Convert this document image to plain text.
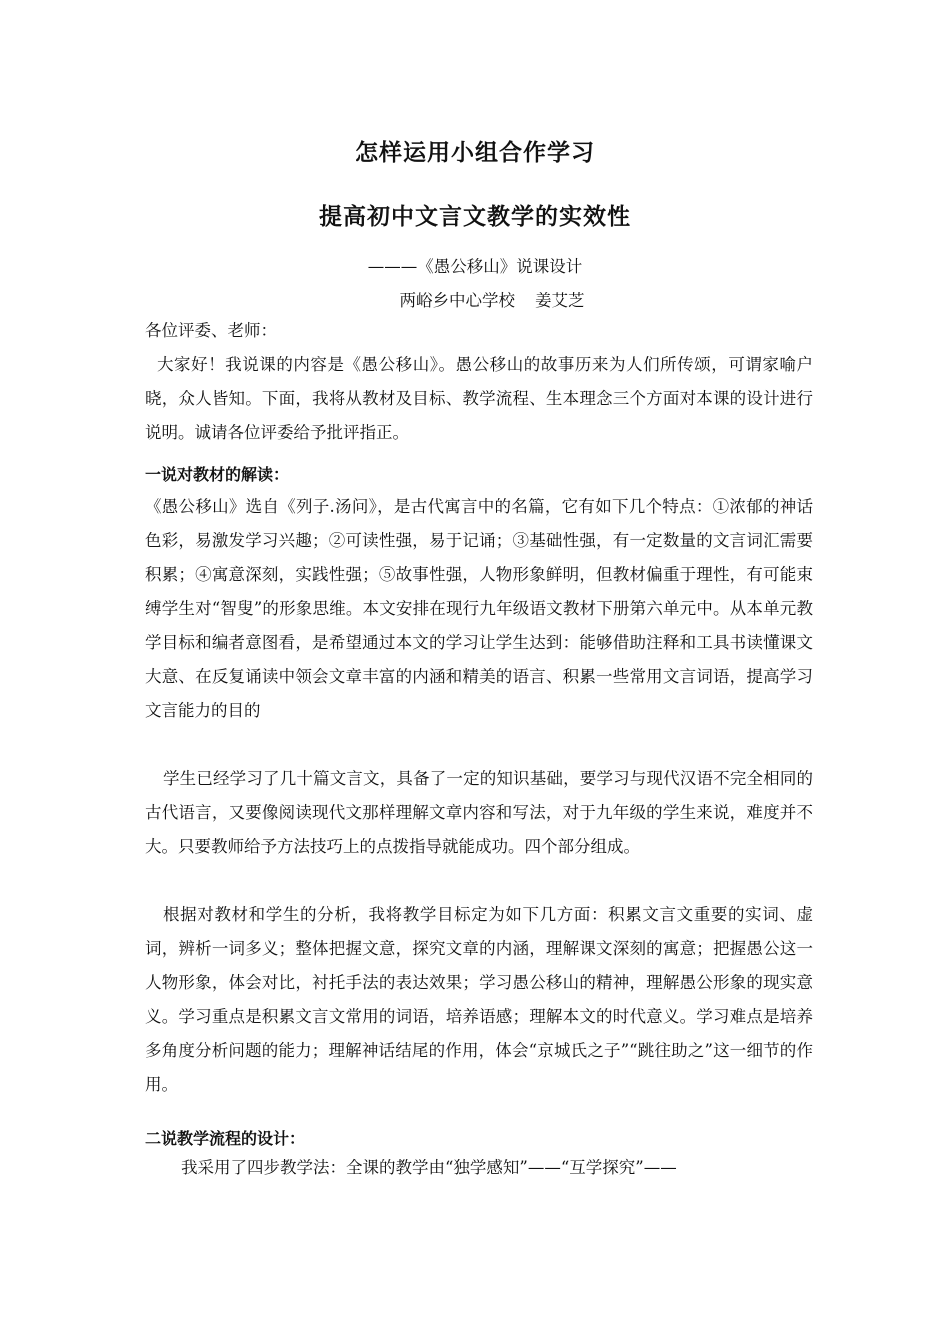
怎样运用小组合作学习
提高初中文言文教学的实效性

———《愚公移山》说课设计

两峪乡中心学校 姜艾芝

各位评委、老师：

大家好！我说课的内容是《愚公移山》。愚公移山的故事历来为人们所传颂，可谓家喻户晓，众人皆知。下面，我将从教材及目标、教学流程、生本理念三个方面对本课的设计进行说明。诚请各位评委给予批评指正。

一说对教材的解读：

《愚公移山》选自《列子.汤问》，是古代寓言中的名篇，它有如下几个特点：①浓郁的神话色彩，易激发学习兴趣；②可读性强，易于记诵；③基础性强，有一定数量的文言词汇需要积累；④寓意深刻，实践性强；⑤故事性强，人物形象鲜明，但教材偏重于理性，有可能束缚学生对“智叟”的形象思维。本文安排在现行九年级语文教材下册第六单元中。从本单元教学目标和编者意图看，是希望通过本文的学习让学生达到：能够借助注释和工具书读懂课文大意、在反复诵读中领会文章丰富的内涵和精美的语言、积累一些常用文言词语，提高学习文言能力的目的

学生已经学习了几十篇文言文，具备了一定的知识基础，要学习与现代汉语不完全相同的古代语言，又要像阅读现代文那样理解文章内容和写法，对于九年级的学生来说，难度并不大。只要教师给予方法技巧上的点拨指导就能成功。四个部分组成。

根据对教材和学生的分析，我将教学目标定为如下几方面：积累文言文重要的实词、虚词，辨析一词多义；整体把握文意，探究文章的内涵，理解课文深刻的寓意；把握愚公这一人物形象，体会对比，衬托手法的表达效果；学习愚公移山的精神，理解愚公形象的现实意义。学习重点是积累文言文常用的词语，培养语感；理解本文的时代意义。学习难点是培养多角度分析问题的能力；理解神话结尾的作用，体会“京城氏之子”“跳往助之”这一细节的作用。

二说教学流程的设计：

我采用了四步教学法：全课的教学由“独学感知”——“互学探究”——
